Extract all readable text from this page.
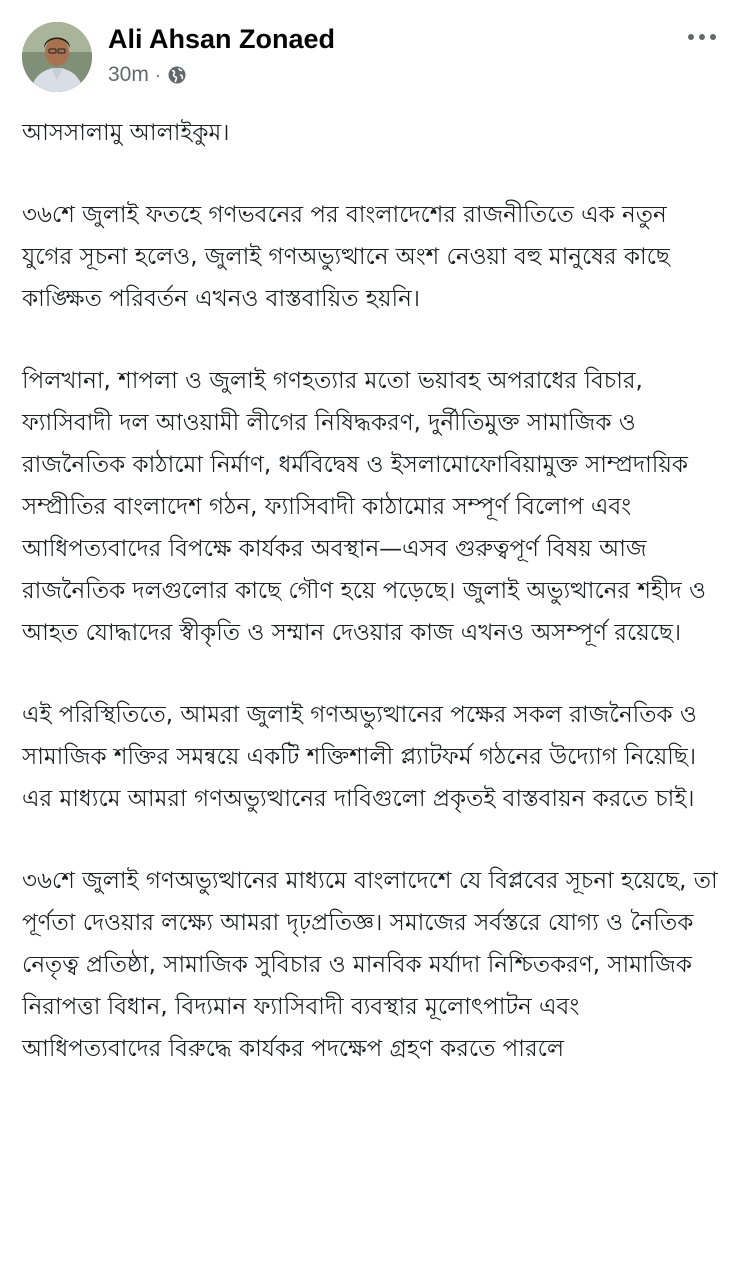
Ali Ahsan Zonaed
30m ·

আসসালামু আলাইকুম।

৩৬শে জুলাই ফতহে গণভবনের পর বাংলাদেশের রাজনীতিতে এক নতুন যুগের সূচনা হলেও, জুলাই গণঅভ্যুত্থানে অংশ নেওয়া বহু মানুষের কাছে কাঙ্ক্ষিত পরিবর্তন এখনও বাস্তবায়িত হয়নি।

পিলখানা, শাপলা ও জুলাই গণহত্যার মতো ভয়াবহ অপরাধের বিচার, ফ্যাসিবাদী দল আওয়ামী লীগের নিষিদ্ধকরণ, দুর্নীতিমুক্ত সামাজিক ও রাজনৈতিক কাঠামো নির্মাণ, ধর্মবিদ্বেষ ও ইসলামোফোবিয়ামুক্ত সাম্প্রদায়িক সম্প্রীতির বাংলাদেশ গঠন, ফ্যাসিবাদী কাঠামোর সম্পূর্ণ বিলোপ এবং আধিপত্যবাদের বিপক্ষে কার্যকর অবস্থান—এসব গুরুত্বপূর্ণ বিষয় আজ রাজনৈতিক দলগুলোর কাছে গৌণ হয়ে পড়েছে। জুলাই অভ্যুত্থানের শহীদ ও আহত যোদ্ধাদের স্বীকৃতি ও সম্মান দেওয়ার কাজ এখনও অসম্পূর্ণ রয়েছে।

এই পরিস্থিতিতে, আমরা জুলাই গণঅভ্যুত্থানের পক্ষের সকল রাজনৈতিক ও সামাজিক শক্তির সমন্বয়ে একটি শক্তিশালী প্ল্যাটফর্ম গঠনের উদ্যোগ নিয়েছি। এর মাধ্যমে আমরা গণঅভ্যুত্থানের দাবিগুলো প্রকৃতই বাস্তবায়ন করতে চাই।

৩৬শে জুলাই গণঅভ্যুত্থানের মাধ্যমে বাংলাদেশে যে বিপ্লবের সূচনা হয়েছে, তা পূর্ণতা দেওয়ার লক্ষ্যে আমরা দৃঢ়প্রতিজ্ঞ। সমাজের সর্বস্তরে যোগ্য ও নৈতিক নেতৃত্ব প্রতিষ্ঠা, সামাজিক সুবিচার ও মানবিক মর্যাদা নিশ্চিতকরণ, সামাজিক নিরাপত্তা বিধান, বিদ্যমান ফ্যাসিবাদী ব্যবস্থার মূলোৎপাটন এবং আধিপত্যবাদের বিরুদ্ধে কার্যকর পদক্ষেপ গ্রহণ করতে পারলে
